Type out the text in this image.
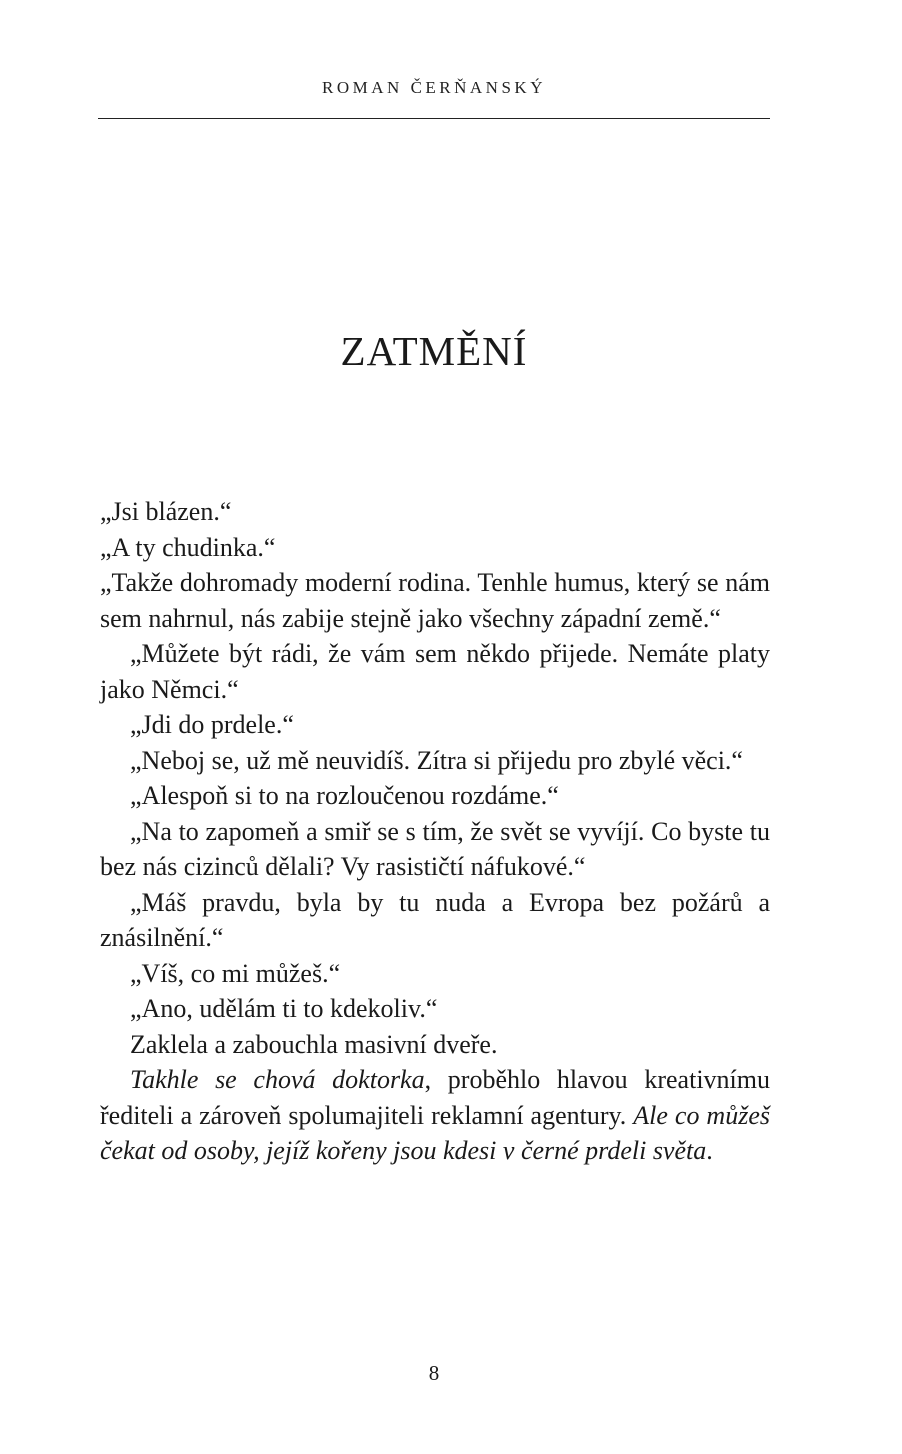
ROMAN ČERŇANSKÝ
ZATMĚNÍ

„Jsi blázen.“

„A ty chudinka.“

„Takže dohromady moderní rodina. Tenhle humus, který se nám sem nahrnul, nás zabije stejně jako všechny západní země.“

„Můžete být rádi, že vám sem někdo přijede. Nemáte platy jako Němci.“

„Jdi do prdele.“

„Neboj se, už mě neuvidíš. Zítra si přijedu pro zbylé věci.“

„Alespoň si to na rozloučenou rozdáme.“

„Na to zapomeň a smiř se s tím, že svět se vyvíjí. Co byste tu bez nás cizinců dělali? Vy rasističtí náfukové.“

„Máš pravdu, byla by tu nuda a Evropa bez požárů a znásilnění.“

„Víš, co mi můžeš.“

„Ano, udělám ti to kdekoliv.“

Zaklela a zabouchla masivní dveře.

Takhle se chová doktorka, proběhlo hlavou kreativnímu řediteli a zároveň spolumajiteli reklamní agentury. Ale co můžeš čekat od osoby, jejíž kořeny jsou kdesi v černé prdeli světa.

8
